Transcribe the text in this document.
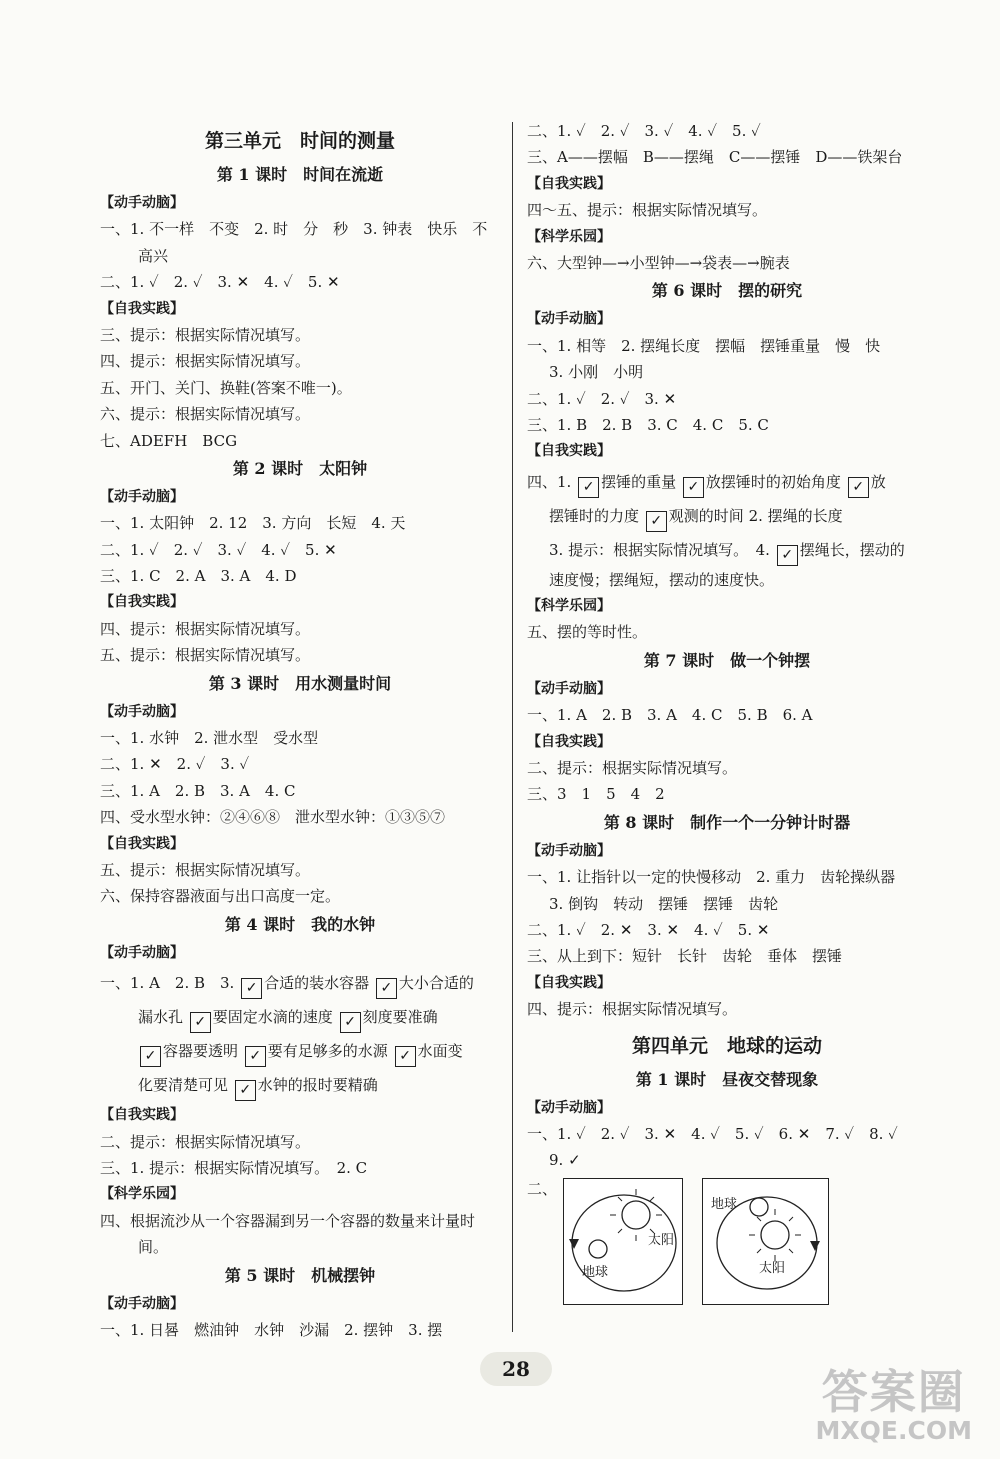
第三单元　时间的测量
第 1 课时　时间在流逝
【动手动脑】
一、1. 不一样　不变　2. 时　分　秒　3. 钟表　快乐　不
高兴
二、1. ✓　2. ✓　3. ✕　4. ✓　5. ✕
【自我实践】
三、提示：根据实际情况填写。
四、提示：根据实际情况填写。
五、开门、关门、换鞋(答案不唯一)。
六、提示：根据实际情况填写。
七、ADEFH　BCG
第 2 课时　太阳钟
【动手动脑】
一、1. 太阳钟　2. 12　3. 方向　长短　4. 天
二、1. ✓　2. ✓　3. ✓　4. ✓　5. ✕
三、1. C　2. A　3. A　4. D
【自我实践】
四、提示：根据实际情况填写。
五、提示：根据实际情况填写。
第 3 课时　用水测量时间
【动手动脑】
一、1. 水钟　2. 泄水型　受水型
二、1. ✕　2. ✓　3. ✓
三、1. A　2. B　3. A　4. C
四、受水型水钟：②④⑥⑧　泄水型水钟：①③⑤⑦
【自我实践】
五、提示：根据实际情况填写。
六、保持容器液面与出口高度一定。
第 4 课时　我的水钟
【动手动脑】
一、1. A　2. B　3. ✓ 合适的装水容器 ✓ 大小合适的
漏水孔 ✓ 要固定水滴的速度 ✓ 刻度要准确
✓ 容器要透明 ✓ 要有足够多的水源 ✓ 水面变
化要清楚可见 ✓ 水钟的报时要精确
【自我实践】
二、提示：根据实际情况填写。
三、1. 提示：根据实际情况填写。　2. C
【科学乐园】
四、根据流沙从一个容器漏到另一个容器的数量来计量时
间。
第 5 课时　机械摆钟
【动手动脑】
一、1. 日晷　燃油钟　水钟　沙漏　2. 摆钟　3. 摆
二、1. ✓　2. ✓　3. ✓　4. ✓　5. ✓
三、A——摆幅　B——摆绳　C——摆锤　D——铁架台
【自我实践】
四～五、提示：根据实际情况填写。
【科学乐园】
六、大型钟—→小型钟—→袋表—→腕表
第 6 课时　摆的研究
【动手动脑】
一、1. 相等　2. 摆绳长度　摆幅　摆锤重量　慢　快
3. 小刚　小明
二、1. ✓　2. ✓　3. ✕
三、1. B　2. B　3. C　4. C　5. C
【自我实践】
四、1. ✓ 摆锤的重量 ✓ 放摆锤时的初始角度 ✓ 放
摆锤时的力度 ✓ 观测的时间 2. 摆绳的长度
3. 提示：根据实际情况填写。　4. ✓ 摆绳长，摆动的
速度慢；摆绳短，摆动的速度快。
【科学乐园】
五、摆的等时性。
第 7 课时　做一个钟摆
【动手动脑】
一、1. A　2. B　3. A　4. C　5. B　6. A
【自我实践】
二、提示：根据实际情况填写。
三、3　1　5　4　2
第 8 课时　制作一个一分钟计时器
【动手动脑】
一、1. 让指针以一定的快慢移动　2. 重力　齿轮操纵器
3. 倒钩　转动　摆锤　摆锤　齿轮
二、1. ✓　2. ✕　3. ✕　4. ✓　5. ✕
三、从上到下：短针　长针　齿轮　垂体　摆锤
【自我实践】
四、提示：根据实际情况填写。
第四单元　地球的运动
第 1 课时　昼夜交替现象
【动手动脑】
一、1. ✓　2. ✓　3. ✕　4. ✓　5. ✓　6. ✕　7. ✓　8. ✓
9. ✓
二、
太阳
地球
地球
太阳
28	答案圈
MXQE.COM
